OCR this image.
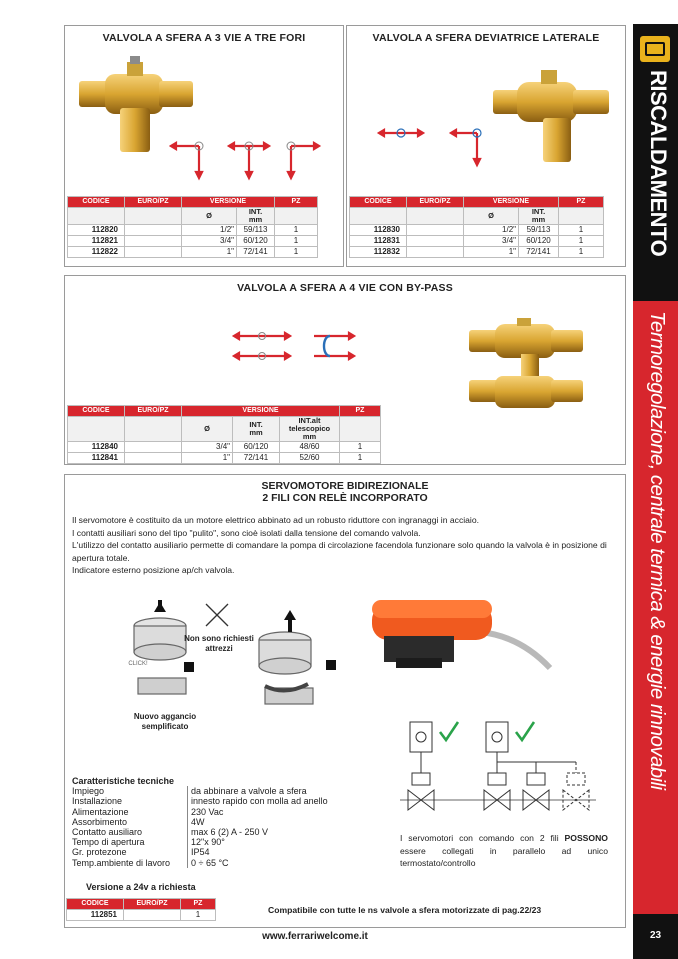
RISCALDAMENTO
Termoregolazione, centrale termica & energie rinnovabili
23
VALVOLA A SFERA A 3 VIE A TRE FORI
CODICE	EURO/PZ	VERSIONE		PZ
		Ø	INT.
mm	
112820		1/2"	59/113	1
112821		3/4"	60/120	1
112822		1"	72/141	1
VALVOLA A SFERA DEVIATRICE LATERALE
CODICE	EURO/PZ	VERSIONE		PZ
		Ø	INT.
mm	
112830		1/2"	59/113	1
112831		3/4"	60/120	1
112832		1"	72/141	1
VALVOLA A SFERA A 4 VIE CON BY-PASS
CODICE	EURO/PZ	VERSIONE			PZ
		Ø	INT.
mm	INT.alt telescopico
mm	
112840		3/4"	60/120	48/60	1
112841		1"	72/141	52/60	1
SERVOMOTORE BIDIREZIONALE
2 FILI CON RELÈ INCORPORATO
Il servomotore è costituito da un motore elettrico abbinato ad un robusto riduttore con ingranaggi in acciaio.
I contatti ausiliari sono del tipo "pulito", sono cioè isolati dalla tensione del comando valvola.
L'utilizzo del contatto ausiliario permette di comandare la pompa di circolazione facendola funzionare solo quando la valvola è in posizione di apertura totale.
Indicatore esterno posizione ap/ch valvola.
Non sono richiesti attrezzi
CLICK!
Nuovo aggancio semplificato
Caratteristiche tecniche
Impiego	da abbinare a valvole a sfera
Installazione	innesto rapido con molla ad anello
Alimentazione	230 Vac
Assorbimento	4W
Contatto ausiliaro	max 6 (2) A - 250 V
Tempo di apertura	12"x 90°
Gr. protezone	IP54
Temp.ambiente di lavoro	0 ÷ 65 °C
I servomotori con comando con 2 fili POSSONO essere collegati in parallelo ad unico termostato/controllo
Versione a 24v a richiesta
CODICE	EURO/PZ	PZ
112851		1	Compatibile con tutte le ns valvole a sfera motorizzate di pag.22/23
www.ferrariwelcome.it
